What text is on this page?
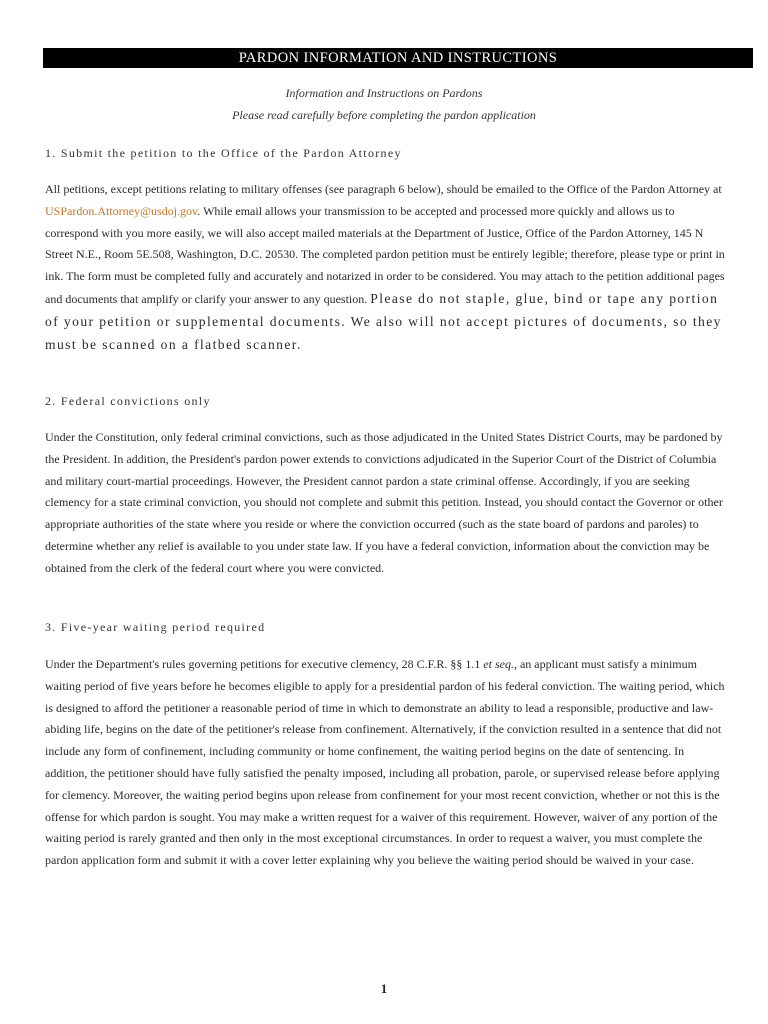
PARDON INFORMATION AND INSTRUCTIONS
Information and Instructions on Pardons
Please read carefully before completing the pardon application
1. Submit the petition to the Office of the Pardon Attorney
All petitions, except petitions relating to military offenses (see paragraph 6 below), should be emailed to the Office of the Pardon Attorney at USPardon.Attorney@usdoj.gov. While email allows your transmission to be accepted and processed more quickly and allows us to correspond with you more easily, we will also accept mailed materials at the Department of Justice, Office of the Pardon Attorney, 145 N Street N.E., Room 5E.508, Washington, D.C. 20530. The completed pardon petition must be entirely legible; therefore, please type or print in ink. The form must be completed fully and accurately and notarized in order to be considered. You may attach to the petition additional pages and documents that amplify or clarify your answer to any question. Please do not staple, glue, bind or tape any portion of your petition or supplemental documents. We also will not accept pictures of documents, so they must be scanned on a flatbed scanner.
2. Federal convictions only
Under the Constitution, only federal criminal convictions, such as those adjudicated in the United States District Courts, may be pardoned by the President. In addition, the President's pardon power extends to convictions adjudicated in the Superior Court of the District of Columbia and military court-martial proceedings. However, the President cannot pardon a state criminal offense. Accordingly, if you are seeking clemency for a state criminal conviction, you should not complete and submit this petition. Instead, you should contact the Governor or other appropriate authorities of the state where you reside or where the conviction occurred (such as the state board of pardons and paroles) to determine whether any relief is available to you under state law. If you have a federal conviction, information about the conviction may be obtained from the clerk of the federal court where you were convicted.
3. Five-year waiting period required
Under the Department's rules governing petitions for executive clemency, 28 C.F.R. §§ 1.1 et seq., an applicant must satisfy a minimum waiting period of five years before he becomes eligible to apply for a presidential pardon of his federal conviction. The waiting period, which is designed to afford the petitioner a reasonable period of time in which to demonstrate an ability to lead a responsible, productive and law-abiding life, begins on the date of the petitioner's release from confinement. Alternatively, if the conviction resulted in a sentence that did not include any form of confinement, including community or home confinement, the waiting period begins on the date of sentencing. In addition, the petitioner should have fully satisfied the penalty imposed, including all probation, parole, or supervised release before applying for clemency. Moreover, the waiting period begins upon release from confinement for your most recent conviction, whether or not this is the offense for which pardon is sought. You may make a written request for a waiver of this requirement. However, waiver of any portion of the waiting period is rarely granted and then only in the most exceptional circumstances. In order to request a waiver, you must complete the pardon application form and submit it with a cover letter explaining why you believe the waiting period should be waived in your case.
1
